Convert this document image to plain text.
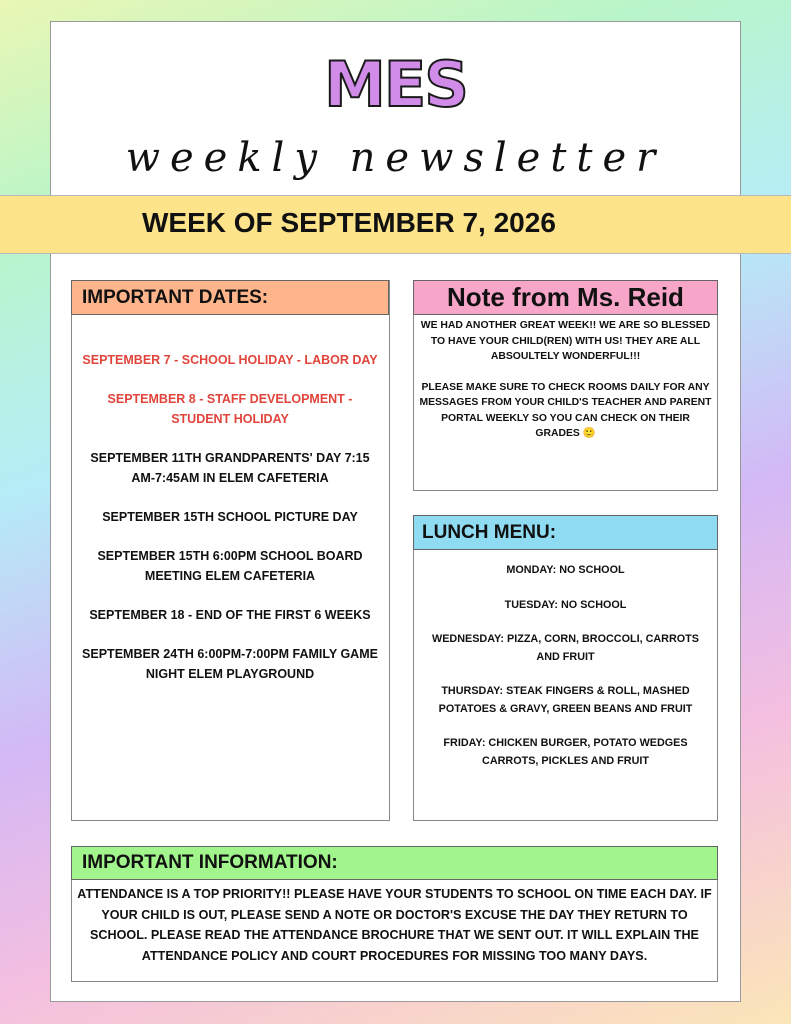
MES
weekly newsletter
WEEK OF SEPTEMBER 7, 2026
IMPORTANT DATES:
SEPTEMBER 7 - SCHOOL HOLIDAY - LABOR DAY
SEPTEMBER 8 - STAFF DEVELOPMENT - STUDENT HOLIDAY
SEPTEMBER 11TH GRANDPARENTS' DAY 7:15 AM-7:45AM IN ELEM CAFETERIA
SEPTEMBER 15TH SCHOOL PICTURE DAY
SEPTEMBER 15TH 6:00PM SCHOOL BOARD MEETING ELEM CAFETERIA
SEPTEMBER 18 - END OF THE FIRST 6 WEEKS
SEPTEMBER 24TH 6:00PM-7:00PM FAMILY GAME NIGHT ELEM PLAYGROUND
Note from Ms. Reid

WE HAD ANOTHER GREAT WEEK!! WE ARE SO BLESSED TO HAVE YOUR CHILD(REN) WITH US! THEY ARE ALL ABSOULTELY WONDERFUL!!!

PLEASE MAKE SURE TO CHECK ROOMS DAILY FOR ANY MESSAGES FROM YOUR CHILD'S TEACHER AND PARENT PORTAL WEEKLY SO YOU CAN CHECK ON THEIR GRADES 🙂

LUNCH MENU:
MONDAY: NO SCHOOL
TUESDAY: NO SCHOOL
WEDNESDAY: PIZZA, CORN, BROCCOLI, CARROTS AND FRUIT
THURSDAY: STEAK FINGERS & ROLL, MASHED POTATOES & GRAVY, GREEN BEANS AND FRUIT
FRIDAY: CHICKEN BURGER, POTATO WEDGES CARROTS, PICKLES AND FRUIT
IMPORTANT INFORMATION:
ATTENDANCE IS A TOP PRIORITY!! PLEASE HAVE YOUR STUDENTS TO SCHOOL ON TIME EACH DAY. IF YOUR CHILD IS OUT, PLEASE SEND A NOTE OR DOCTOR'S EXCUSE THE DAY THEY RETURN TO SCHOOL. PLEASE READ THE ATTENDANCE BROCHURE THAT WE SENT OUT. IT WILL EXPLAIN THE ATTENDANCE POLICY AND COURT PROCEDURES FOR MISSING TOO MANY DAYS.
